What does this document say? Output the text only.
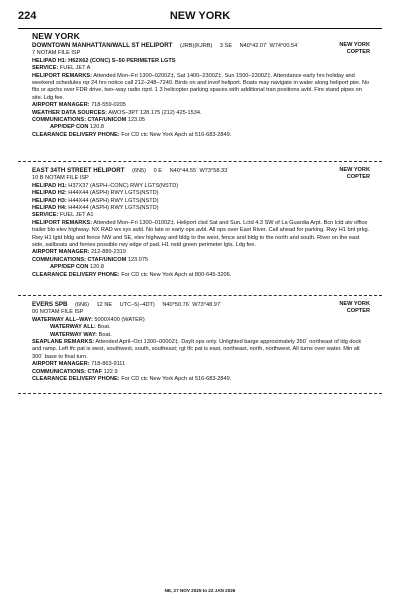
224	NEW YORK
NEW YORK
NEW YORK
COPTER
DOWNTOWN MANHATTAN/WALL ST HELIPORT (JRB)(KJRB) 3 SE N40°42.07´ W74°00.54´
7 NOTAM FILE ISP
HELIPAD H1: H62X62 (CONC) S–50 PERIMETER LGTS
SERVICE: FUEL JET A
HELIPORT REMARKS: Attended Mon–Fri 1300–0200Z‡, Sat 1400–2300Z‡, Sun 1500–2300Z‡. Attendance early hrs holiday and weekend schedules rqr 24 hrs notice call 212–248–7240. Birds on and invof heliport. Boats may navigate in water along heliport pier. No flts or apchs over FDR drive, two–way radio rqrd. 1 3 helicopter parking spaces with additional tran positions avbl. Fire stand pipes on site. Ldg fee.
AIRPORT MANAGER: 718-559-0205
WEATHER DATA SOURCES: AWOS–3PT 128.175 (212) 425-1534.
COMMUNICATIONS: CTAF/UNICOM 123.05
APP/DEP CON 120.8
CLEARANCE DELIVERY PHONE: For CD ctc New York Apch at 516-683-2849.
NEW YORK
COPTER
EAST 34TH STREET HELIPORT (6N5) 0 E N40°44.55´ W73°58.33´
10 B NOTAM FILE ISP
HELIPAD H1: H37X37 (ASPH–CONC) RWY LGTS(NSTD)
HELIPAD H2: H44X44 (ASPH) RWY LGTS(NSTD)
HELIPAD H3: H44X44 (ASPH) RWY LGTS(NSTD)
HELIPAD H4: H44X44 (ASPH) RWY LGTS(NSTD)
SERVICE: FUEL JET A1
HELIPORT REMARKS: Attended Mon–Fri 1300–0100Z‡. Heliport clsd Sat and Sun. Lctd 4.3 SW of La Guardia Arpt. Bcn lctd atv office trailer blo elev highway. NX RAD wx sys avbl. No late or early ops avbl. All ops over East River. Call ahead for parking. Rwy H1 bnt prkg. Rwy H1 lgtd bldg and fence NW and SE, elev highway and bldg to the west, fence and bldg to the north and south. River on the east side, sailboats and ferries possible rwy edge of pad. H1 nstd green perimeter lgts. Ldg fee.
AIRPORT MANAGER: 212-889-2319
COMMUNICATIONS: CTAF/UNICOM 123.075
APP/DEP CON 120.8
CLEARANCE DELIVERY PHONE: For CD ctc New York Apch at 800-645-3206.
NEW YORK
COPTER
EVERS SPB (6N6) 12 NE UTC–5(–4DT) N40°50.76´ W73°48.97´
00 NOTAM FILE ISP
WATERWAY ALL–WAY: 5000X400 (WATER)
WATERWAY ALL: Boat.
WATERWAY WAY: Boat.
SEAPLANE REMARKS: Attended April–Oct 1300–0000Z‡. Daylt ops only. Unlighted barge approximately 350´ northeast of ldg dock and ramp. Left tfc pat is west, southwest, south, southeast; rgt tfc pat is east, northeast, north, northwest. All turns over water. Min alt 300´ base to final turn.
AIRPORT MANAGER: 718-863-9111
COMMUNICATIONS: CTAF 122.9
CLEARANCE DELIVERY PHONE: For CD ctc New York Apch at 516-683-2849.
NE, 27 NOV 2025 to 22 JAN 2026
